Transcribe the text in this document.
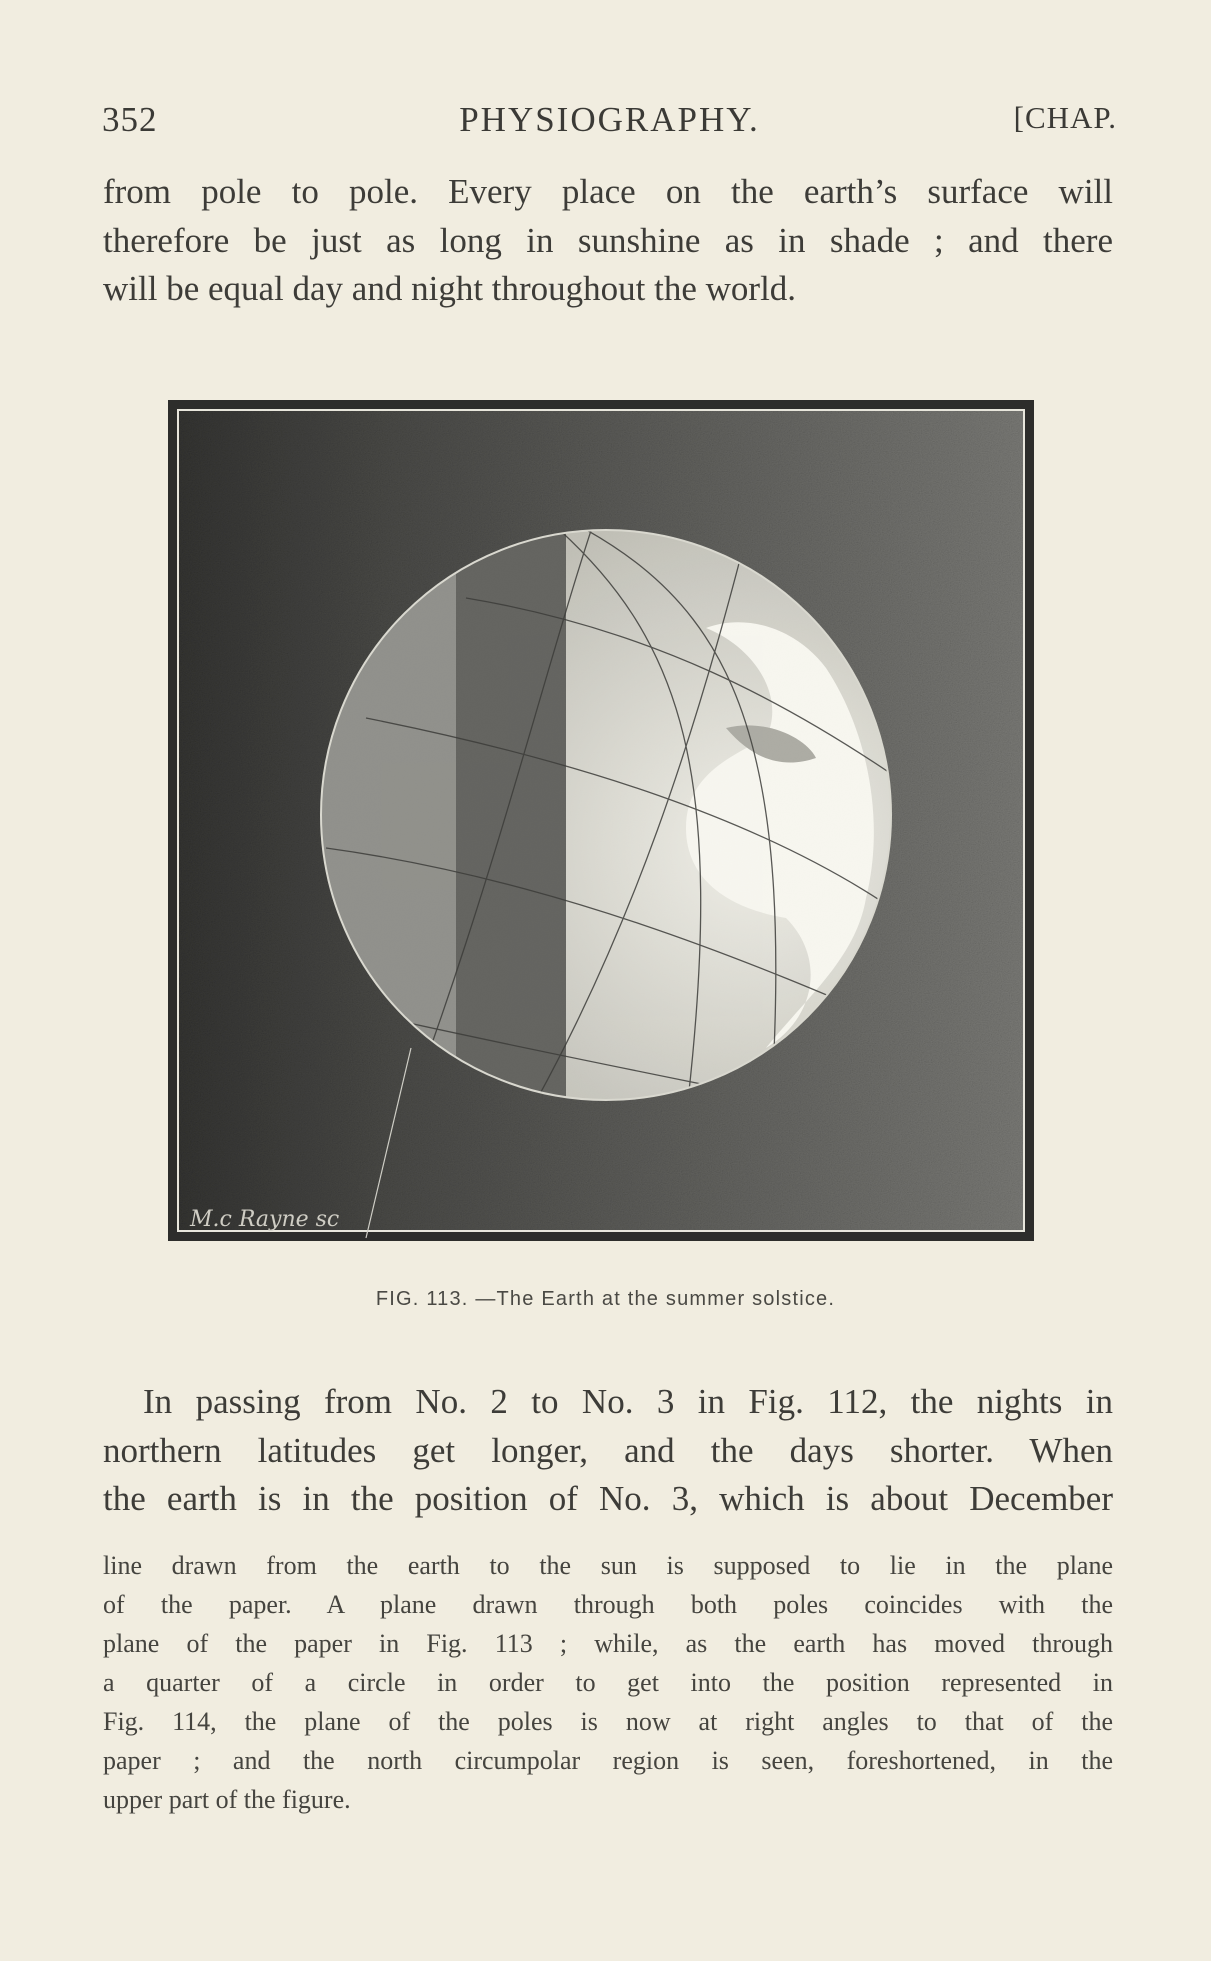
352	PHYSIOGRAPHY.	[CHAP.
from pole to pole. Every place on the earth’s surface will
therefore be just as long in sunshine as in shade ; and there
will be equal day and night throughout the world.
M.c Rayne sc
FIG. 113. —The Earth at the summer solstice.
In passing from No. 2 to No. 3 in Fig. 112, the nights in
northern latitudes get longer, and the days shorter. When
the earth is in the position of No. 3, which is about December
line drawn from the earth to the sun is supposed to lie in the plane
of the paper. A plane drawn through both poles coincides with the
plane of the paper in Fig. 113 ; while, as the earth has moved through
a quarter of a circle in order to get into the position represented in
Fig. 114, the plane of the poles is now at right angles to that of the
paper ; and the north circumpolar region is seen, foreshortened, in the
upper part of the figure.
